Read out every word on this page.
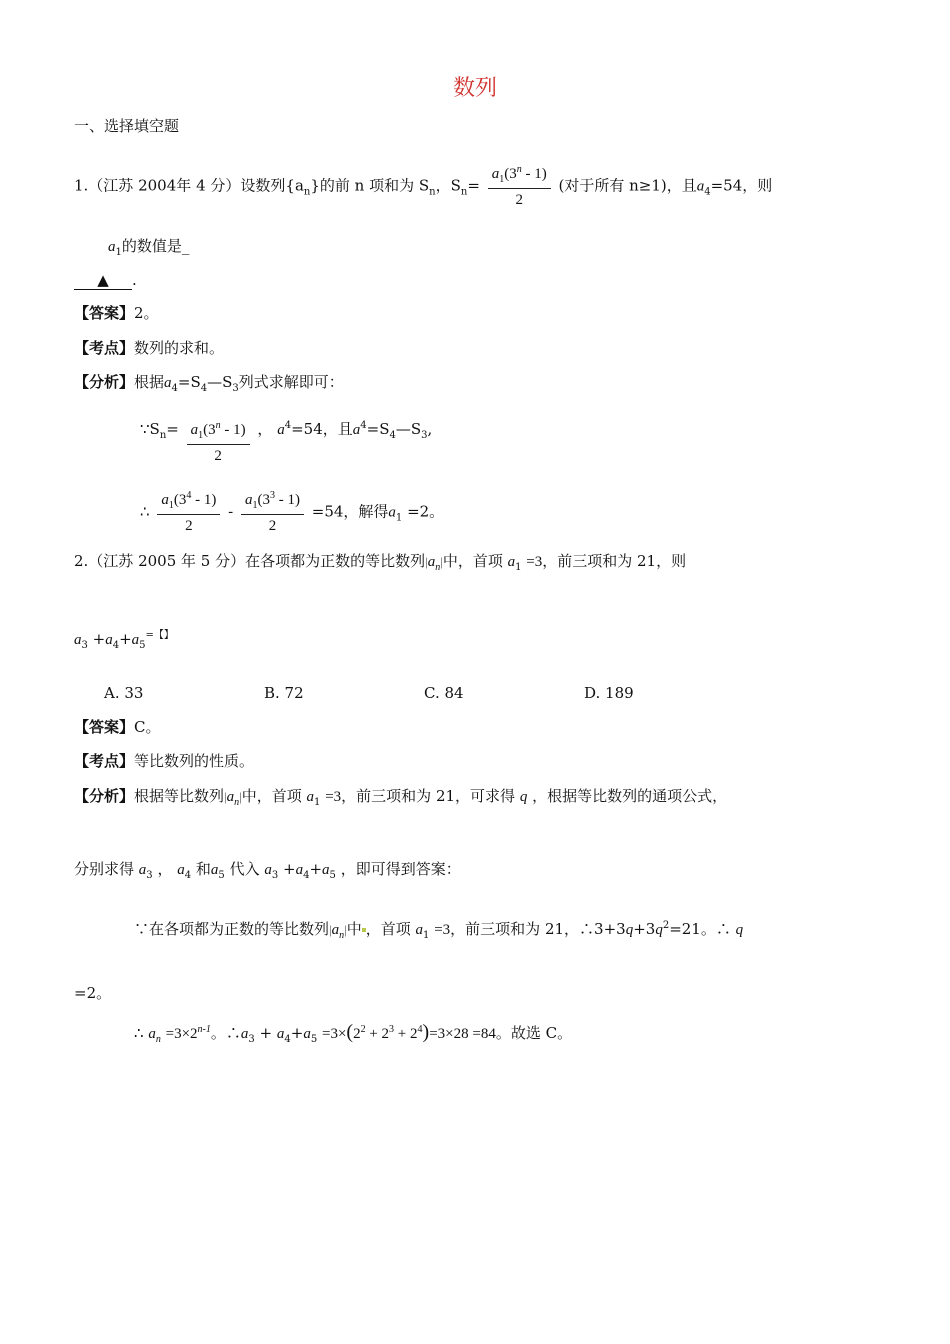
数列
一、选择填空题
1.（江苏 2004年 4 分）设数列$\{a_n\}$的前 n 项和为 $S_n$，$S_n= \frac{a_1(3^n - 1)}{2}$ (对于所有 n≥1)，且$a_4=54$，则
$a_1$的数值是_
▲ .
【答案】2。
【考点】数列的求和。
【分析】根据$a_4=S_4—S_3$列式求解即可：
$\because S_n= \frac{a_1(3^n - 1)}{2}$ ， $a^4=54$，且$a^4=S_4—S_3$,
∴ $\frac{a_1(3^4 - 1)}{2} - \frac{a_1(3^3 - 1)}{2} =54$，解得$a_1 =2$。
2.（江苏 2005 年 5 分）在各项都为正数的等比数列$|a_n|$中，首项 $a_1 =3$，前三项和为 21，则
$a_3 +a_4+a_5^{=【】}$
A. 33	B. 72	C. 84	D. 189
【答案】C。
【考点】等比数列的性质。
【分析】根据等比数列$|a_n|$中，首项 $a_1 =3$，前三项和为 21，可求得 q ，根据等比数列的通项公式，
分别求得 $a_3$ ， $a_4$ 和$a_5$ 代入 $a_3 +a_4+a_5$ ，即可得到答案：
∵在各项都为正数的等比数列$|a_n|$中 ，首项 $a_1 =3$，前三项和为 21，$\therefore 3+3q+3q^2=21$。∴ q
=2。
∴ $a_n =3\times 2^{n-1}$。$\therefore a_3 + a_4+a_5 =3\times(2^2 + 2^3 + 2^4)=3\times 28 =84$。故选 C。
